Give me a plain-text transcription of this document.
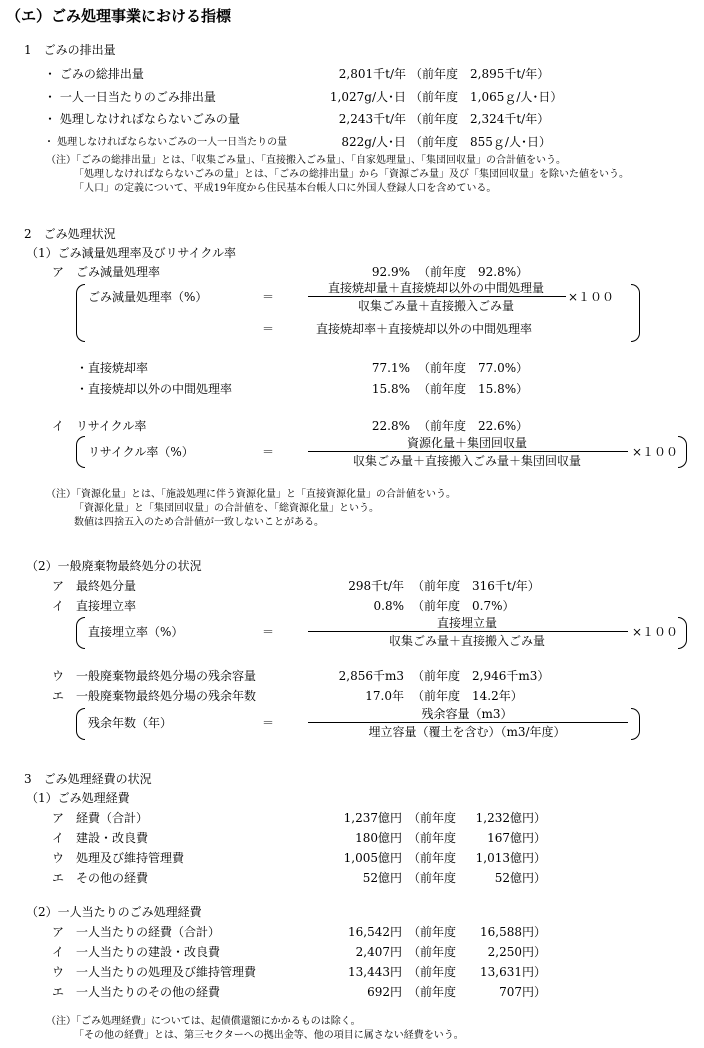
（エ）ごみ処理事業における指標
1　ごみの排出量
・ ごみの総排出量	2,801千t/年 （前年度　2,895千t/年）
・ 一人一日当たりのごみ排出量	1,027g/人･日 （前年度　1,065ｇ/人･日）
・ 処理しなければならないごみの量	2,243千t/年 （前年度　2,324千t/年）
・ 処理しなければならないごみの一人一日当たりの量	822g/人･日 （前年度　855ｇ/人･日）
（注）「ごみの総排出量」とは、「収集ごみ量」、「直接搬入ごみ量」、「自家処理量」、「集団回収量」の合計値をいう。
「処理しなければならないごみの量」とは、「ごみの総排出量」から「資源ごみ量」及び「集団回収量」を除いた値をいう。
「人口」の定義について、平成19年度から住民基本台帳人口に外国人登録人口を含めている。
2　ごみ処理状況
（1）ごみ減量処理率及びリサイクル率
ア ごみ減量処理率	92.9% （前年度　92.8%）
ごみ減量処理率（%）	＝
直接焼却量＋直接焼却以外の中間処理量
収集ごみ量＋直接搬入ごみ量
×１００
＝	直接焼却率＋直接焼却以外の中間処理率
・直接焼却率	77.1% （前年度　77.0%）
・直接焼却以外の中間処理率	15.8% （前年度　15.8%）
イ リサイクル率	22.8% （前年度　22.6%）
リサイクル率（%）	＝
資源化量＋集団回収量
収集ごみ量＋直接搬入ごみ量＋集団回収量
×１００
（注）「資源化量」とは、「施設処理に伴う資源化量」と「直接資源化量」の合計値をいう。
「資源化量」と「集団回収量」の合計値を、「総資源化量」という。
数値は四捨五入のため合計値が一致しないことがある。
（2）一般廃棄物最終処分の状況
ア 最終処分量	298千t/年 （前年度　316千t/年）
イ 直接埋立率	0.8% （前年度　0.7%）
直接埋立率（%）	＝
直接埋立量
収集ごみ量＋直接搬入ごみ量
×１００
ウ 一般廃棄物最終処分場の残余容量	2,856千m3 （前年度　2,946千m3）
エ 一般廃棄物最終処分場の残余年数	17.0年 （前年度　14.2年）
残余年数（年）	＝
残余容量（m3）
埋立容量（覆土を含む）（m3/年度）
3　ごみ処理経費の状況
（1）ごみ処理経費
ア 経費（合計）	1,237億円 （前年度	1,232億円）
イ 建設・改良費	180億円 （前年度	167億円）
ウ 処理及び維持管理費	1,005億円 （前年度	1,013億円）
エ その他の経費	52億円 （前年度	52億円）
（2）一人当たりのごみ処理経費
ア 一人当たりの経費（合計）	16,542円 （前年度	16,588円）
イ 一人当たりの建設・改良費	2,407円 （前年度	2,250円）
ウ 一人当たりの処理及び維持管理費	13,443円 （前年度	13,631円）
エ 一人当たりのその他の経費	692円 （前年度	707円）
（注）「ごみ処理経費」については、起債償還額にかかるものは除く。
「その他の経費」とは、第三セクターへの拠出金等、他の項目に属さない経費をいう。
